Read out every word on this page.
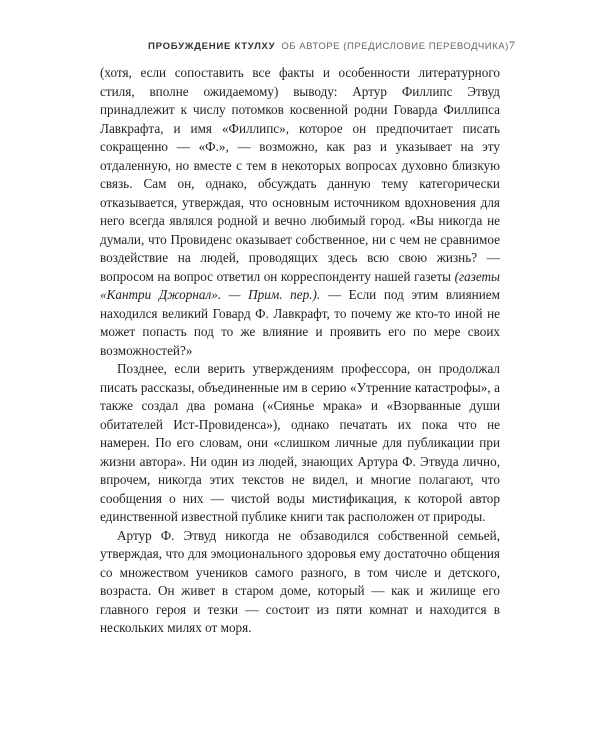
ПРОБУЖДЕНИЕ КТУЛХУ ОБ АВТОРЕ (ПРЕДИСЛОВИЕ ПЕРЕВОДЧИКА) 7

(хотя, если сопоставить все факты и особенности литературного стиля, вполне ожидаемому) выводу: Артур Филлипс Этвуд принадлежит к числу потомков косвенной родни Говарда Филлипса Лавкрафта, и имя «Филлипс», которое он предпочитает писать сокращенно — «Ф.», — возможно, как раз и указывает на эту отдаленную, но вместе с тем в некоторых вопросах духовно близкую связь. Сам он, однако, обсуждать данную тему категорически отказывается, утверждая, что основным источником вдохновения для него всегда являлся родной и вечно любимый город. «Вы никогда не думали, что Провиденс оказывает собственное, ни с чем не сравнимое воздействие на людей, проводящих здесь всю свою жизнь? — вопросом на вопрос ответил он корреспонденту нашей газеты (газеты «Кантри Джорнал». — Прим. пер.). — Если под этим влиянием находился великий Говард Ф. Лавкрафт, то почему же кто-то иной не может попасть под то же влияние и проявить его по мере своих возможностей?»

Позднее, если верить утверждениям профессора, он продолжал писать рассказы, объединенные им в серию «Утренние катастрофы», а также создал два романа («Сиянье мрака» и «Взорванные души обитателей Ист-Провиденса»), однако печатать их пока что не намерен. По его словам, они «слишком личные для публикации при жизни автора». Ни один из людей, знающих Артура Ф. Этвуда лично, впрочем, никогда этих текстов не видел, и многие полагают, что сообщения о них — чистой воды мистификация, к которой автор единственной известной публике книги так расположен от природы.

Артур Ф. Этвуд никогда не обзаводился собственной семьей, утверждая, что для эмоционального здоровья ему достаточно общения со множеством учеников самого разного, в том числе и детского, возраста. Он живет в старом доме, который — как и жилище его главного героя и тезки — состоит из пяти комнат и находится в нескольких милях от моря.
